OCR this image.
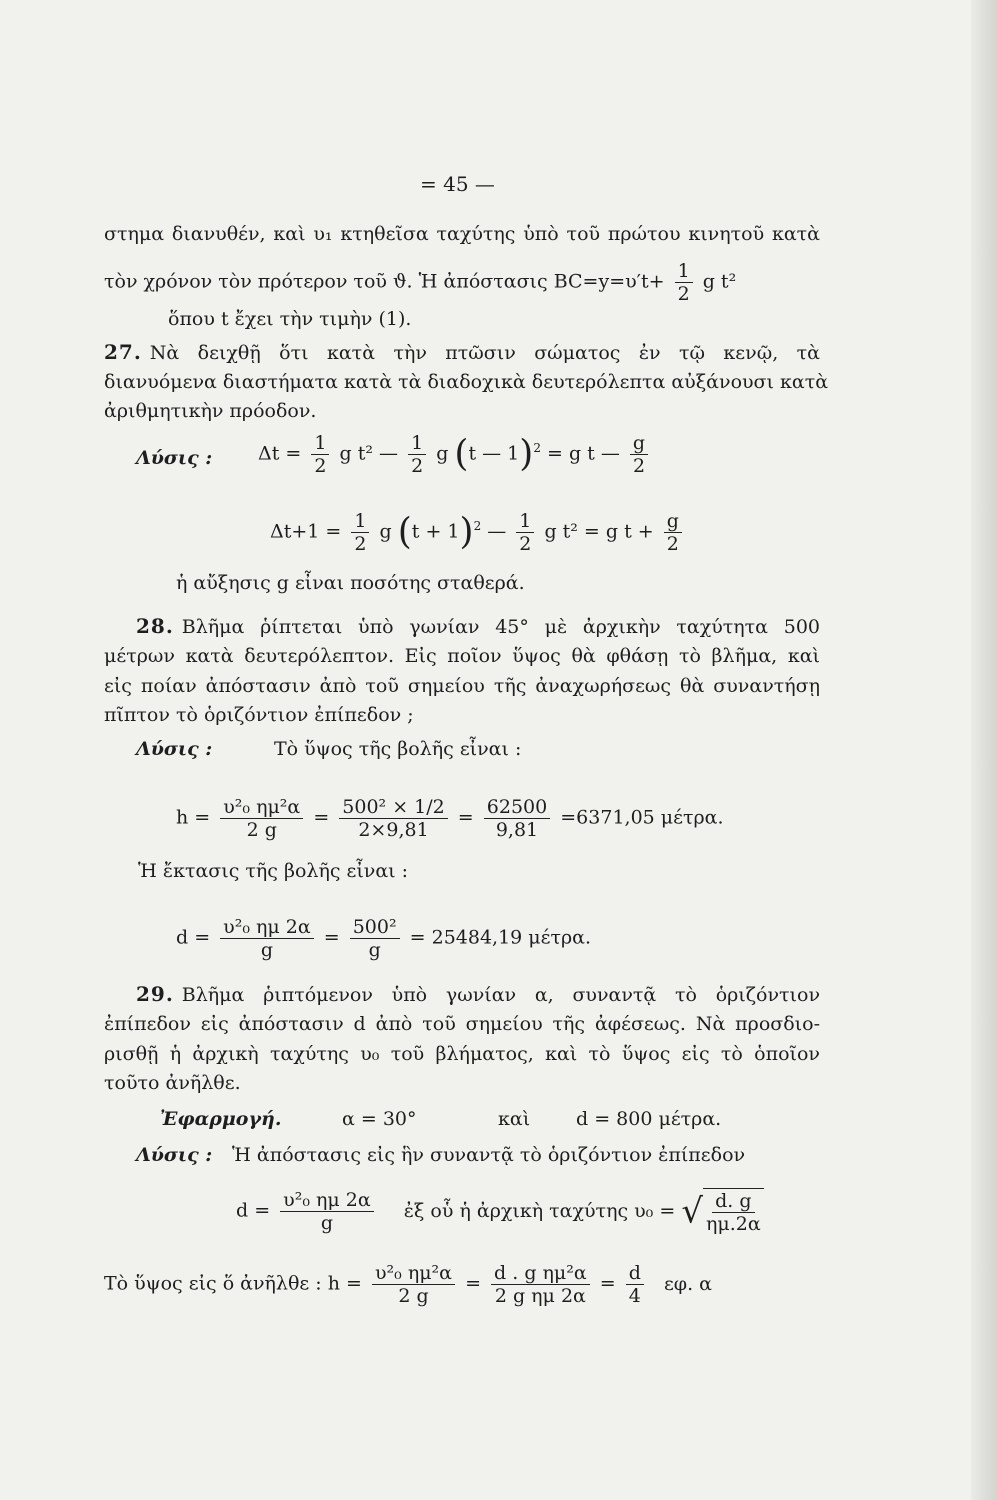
= 45 —
στημα διανυθέν, καὶ υ₁ κτηθεῖσα ταχύτης ὑπὸ τοῦ πρώτου κινητοῦ κατὰ
τὸν χρόνον τὸν πρότερον τοῦ ϑ. Ἡ ἀπόστασις $BC=y=\upsilon't+ \frac{1}{2}$ g t²
ὅπου t ἔχει τὴν τιμὴν (1).
27. Νὰ δειχθῇ ὅτι κατὰ τὴν πτῶσιν σώματος ἐν τῷ κενῷ, τὰ
διανυόμενα διαστήματα κατὰ τὰ διαδοχικὰ δευτερόλεπτα αὐξάνουσι κατὰ
ἀριθμητικὴν πρόοδον.
Λύσις : $\Delta t = \frac{1}{2}$ g t² — $\frac{1}{2}$ g (t — 1)$^2$ = g t — $\frac{g}{2}$
$\Delta t+1 = \frac{1}{2}$ g $(t + 1)^2$ — $\frac{1}{2}$ g t² = g $t + \frac{g}{2}$
ἡ αὔξησις g εἶναι ποσότης σταθερά.
28. Βλῆμα ῥίπτεται ὑπὸ γωνίαν 45° μὲ ἀρχικὴν ταχύτητα 500
μέτρων κατὰ δευτερόλεπτον. Εἰς ποῖον ὕψος θὰ φθάσῃ τὸ βλῆμα, καὶ
εἰς ποίαν ἀπόστασιν ἀπὸ τοῦ σημείου τῆς ἀναχωρήσεως θὰ συναντήσῃ
πῖπτον τὸ ὁριζόντιον ἐπίπεδον ;
Λύσις :	Τὸ ὕψος τῆς βολῆς εἶναι :
$h = \frac{\text{υ²₀ ημ²α}}{2 g} = \frac{\text{500² × 1/2}}{2\times 9,81} = \frac{62500}{9,81} =6371,05$ μέτρα.
Ἡ ἔκτασις τῆς βολῆς εἶναι :
$d = \frac{\text{υ²₀ ημ 2α}}{g} = \frac{\text{500²}}{g} = 25484,19$ μέτρα.
29. Βλῆμα ῥιπτόμενον ὑπὸ γωνίαν α, συναντᾷ τὸ ὁριζόντιον
ἐπίπεδον εἰς ἀπόστασιν d ἀπὸ τοῦ σημείου τῆς ἀφέσεως. Νὰ προσδιο-
ρισθῇ ἡ ἀρχικὴ ταχύτης υ₀ τοῦ βλήματος, καὶ τὸ ὕψος εἰς τὸ ὁποῖον
τοῦτο ἀνῆλθε.
Ἐφαρμογή.	α = 30°	καὶ d = 800 μέτρα.
Λύσις : Ἡ ἀπόστασις εἰς ἣν συναντᾷ τὸ ὁριζόντιον ἐπίπεδον
$d = \frac{\text{υ²₀ ημ 2α}}{g}$ ἐξ οὗ ἡ ἀρχικὴ ταχύτης υ₀ = √ $\frac{d. g}{\eta\mu.2\alpha}$
Τὸ ὕψος εἰς ὅ ἀνῆλθε : $h = \frac{\text{υ²₀ ημ²α}}{2 g} = \frac{\text{d . g ημ²α}}{\text{2 g ημ 2α}} = \frac{d}{4} \varepsilon\varphi$. α
